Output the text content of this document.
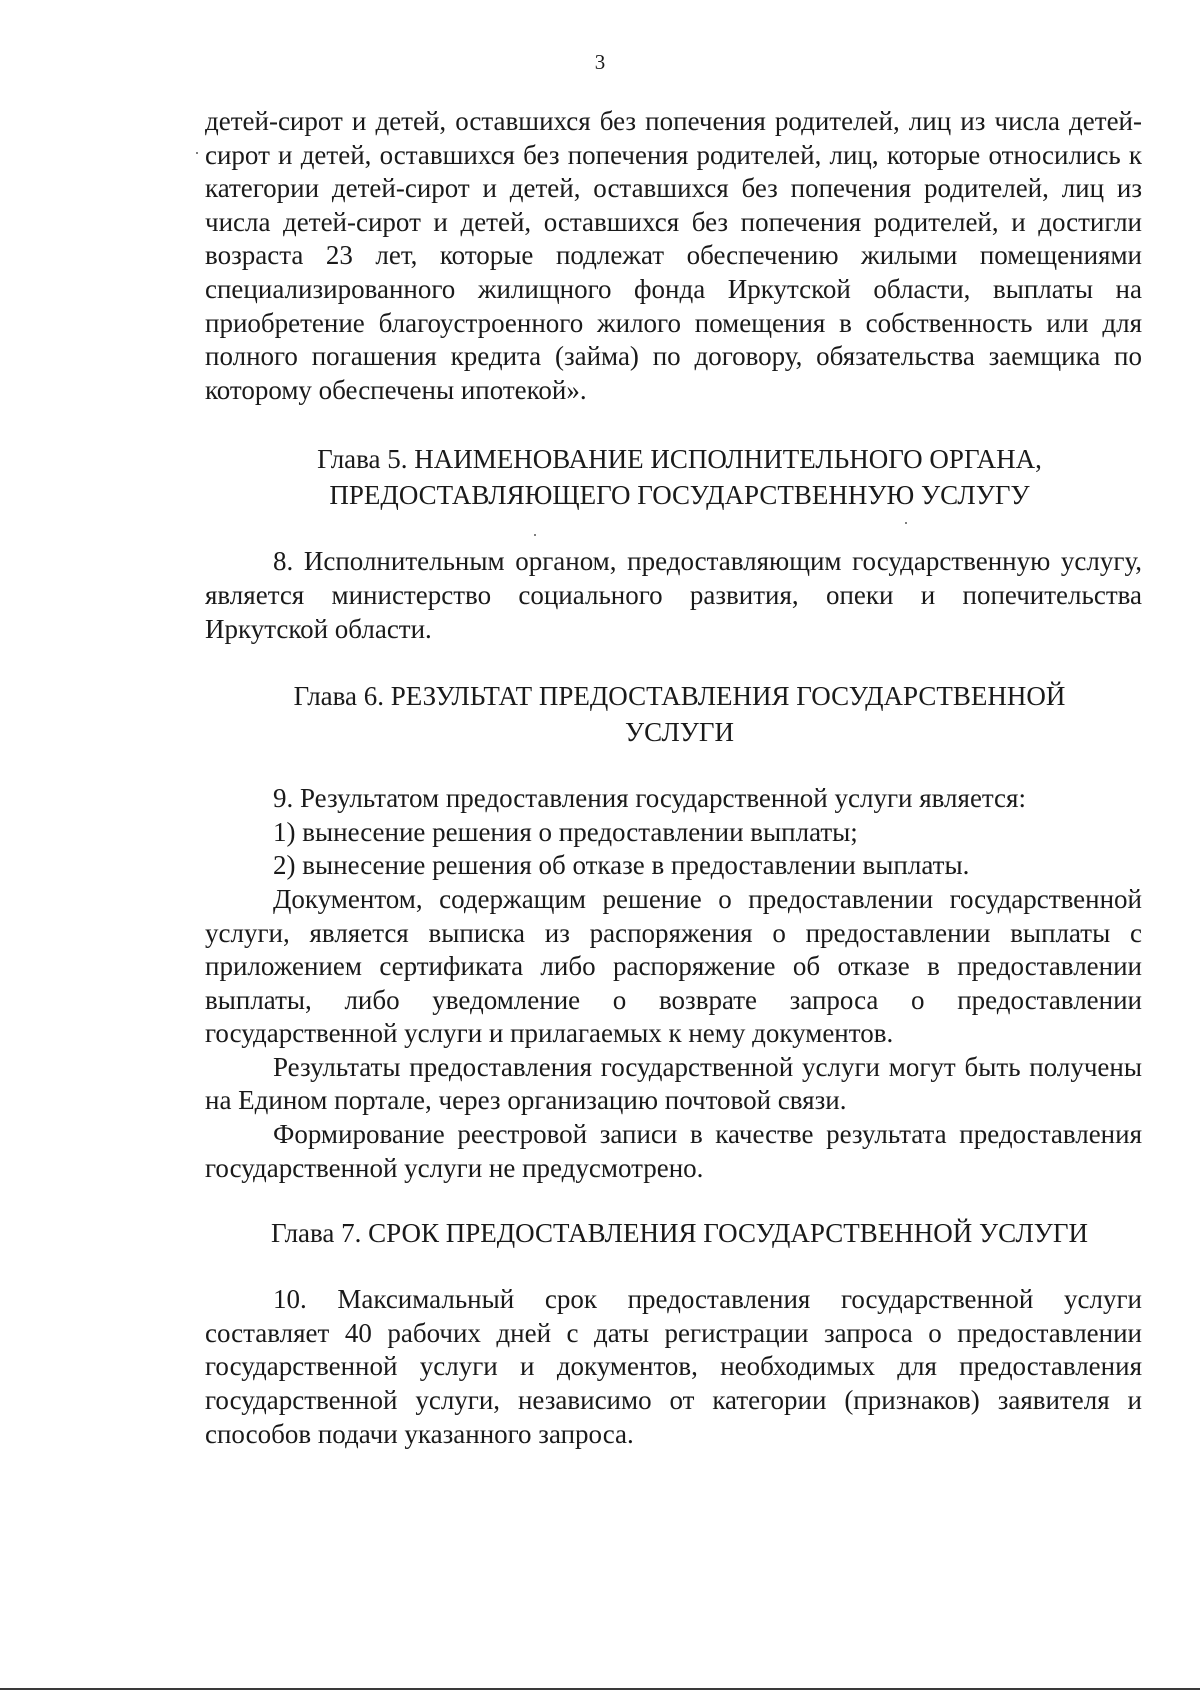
3

детей-сирот и детей, оставшихся без попечения родителей, лиц из числа детей-сирот и детей, оставшихся без попечения родителей, лиц, которые относились к категории детей-сирот и детей, оставшихся без попечения родителей, лиц из числа детей-сирот и детей, оставшихся без попечения родителей, и достигли возраста 23 лет, которые подлежат обеспечению жилыми помещениями специализированного жилищного фонда Иркутской области, выплаты на приобретение благоустроенного жилого помещения в собственность или для полного погашения кредита (займа) по договору, обязательства заемщика по которому обеспечены ипотекой».

Глава 5. НАИМЕНОВАНИЕ ИСПОЛНИТЕЛЬНОГО ОРГАНА,
ПРЕДОСТАВЛЯЮЩЕГО ГОСУДАРСТВЕННУЮ УСЛУГУ

8. Исполнительным органом, предоставляющим государственную услугу, является министерство социального развития, опеки и попечительства Иркутской области.

Глава 6. РЕЗУЛЬТАТ ПРЕДОСТАВЛЕНИЯ ГОСУДАРСТВЕННОЙ
УСЛУГИ

9. Результатом предоставления государственной услуги является:

1) вынесение решения о предоставлении выплаты;

2) вынесение решения об отказе в предоставлении выплаты.

Документом, содержащим решение о предоставлении государственной услуги, является выписка из распоряжения о предоставлении выплаты с приложением сертификата либо распоряжение об отказе в предоставлении выплаты, либо уведомление о возврате запроса о предоставлении государственной услуги и прилагаемых к нему документов.

Результаты предоставления государственной услуги могут быть получены на Едином портале, через организацию почтовой связи.

Формирование реестровой записи в качестве результата предоставления государственной услуги не предусмотрено.

Глава 7. СРОК ПРЕДОСТАВЛЕНИЯ ГОСУДАРСТВЕННОЙ УСЛУГИ

10. Максимальный срок предоставления государственной услуги составляет 40 рабочих дней с даты регистрации запроса о предоставлении государственной услуги и документов, необходимых для предоставления государственной услуги, независимо от категории (признаков) заявителя и способов подачи указанного запроса.
